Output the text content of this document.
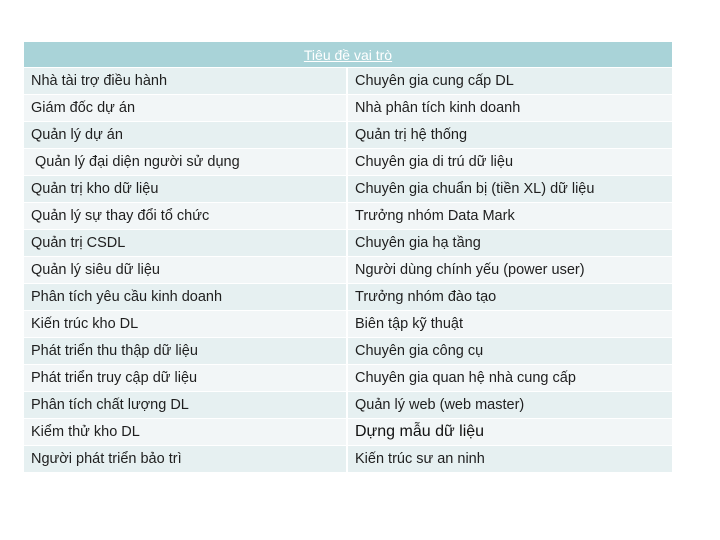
Tiêu đề vai trò	
Nhà tài trợ điều hành	Chuyên gia cung cấp DL
Giám đốc dự án	Nhà phân tích kinh doanh
Quản lý dự án	Quản trị hệ thống
Quản lý đại diện người sử dụng	Chuyên gia di trú dữ liệu
Quản trị kho dữ liệu	Chuyên gia chuẩn bị (tiền XL) dữ liệu
Quản lý sự thay đổi tổ chức	Trưởng nhóm Data Mark
Quản trị CSDL	Chuyên gia hạ tầng
Quản lý siêu dữ liệu	Người dùng chính yếu (power user)
Phân tích yêu cầu kinh doanh	Trưởng nhóm đào tạo
Kiến trúc kho DL	Biên tập kỹ thuật
Phát triển thu thập dữ liệu	Chuyên gia công cụ
Phát triển truy cập dữ liệu	Chuyên gia quan hệ nhà cung cấp
Phân tích chất lượng DL	Quản lý web (web master)
Kiểm thử kho DL	Dựng mẫu dữ liệu
Người phát triển bảo trì	Kiến trúc sư an ninh
